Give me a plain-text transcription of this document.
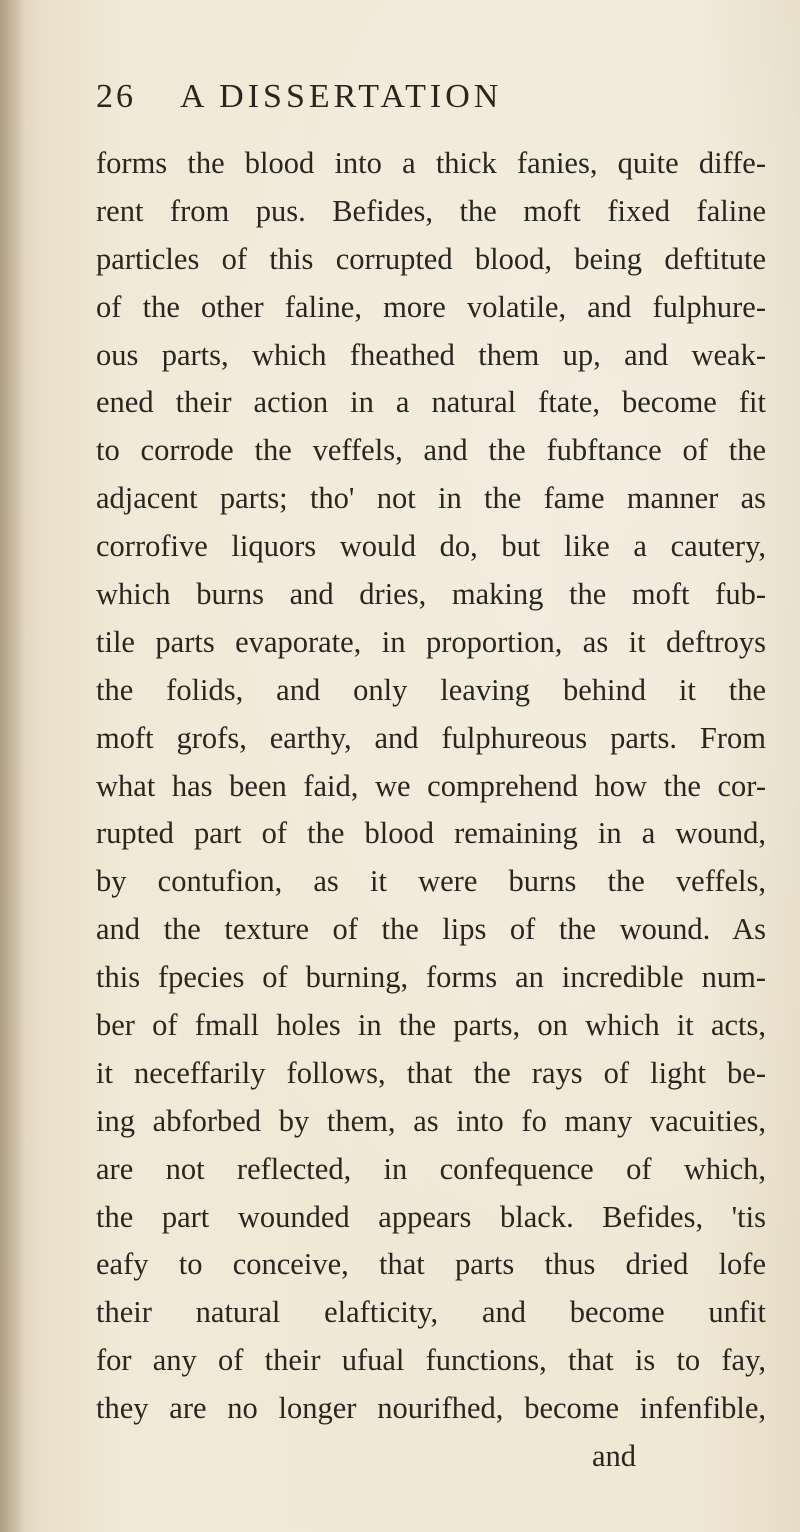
26 A DISSERTATION
forms the blood into a thick fanies, quite diffe-
rent from pus. Befides, the moft fixed faline
particles of this corrupted blood, being deftitute
of the other faline, more volatile, and fulphure-
ous parts, which fheathed them up, and weak-
ened their action in a natural ftate, become fit
to corrode the veffels, and the fubftance of the
adjacent parts; tho' not in the fame manner as
corrofive liquors would do, but like a cautery,
which burns and dries, making the moft fub-
tile parts evaporate, in proportion, as it deftroys
the folids, and only leaving behind it the
moft grofs, earthy, and fulphureous parts. From
what has been faid, we comprehend how the cor-
rupted part of the blood remaining in a wound,
by contufion, as it were burns the veffels,
and the texture of the lips of the wound. As
this fpecies of burning, forms an incredible num-
ber of fmall holes in the parts, on which it acts,
it neceffarily follows, that the rays of light be-
ing abforbed by them, as into fo many vacuities,
are not reflected, in confequence of which,
the part wounded appears black. Befides, 'tis
eafy to conceive, that parts thus dried lofe
their natural elafticity, and become unfit
for any of their ufual functions, that is to fay,
they are no longer nourifhed, become infenfible,
and
